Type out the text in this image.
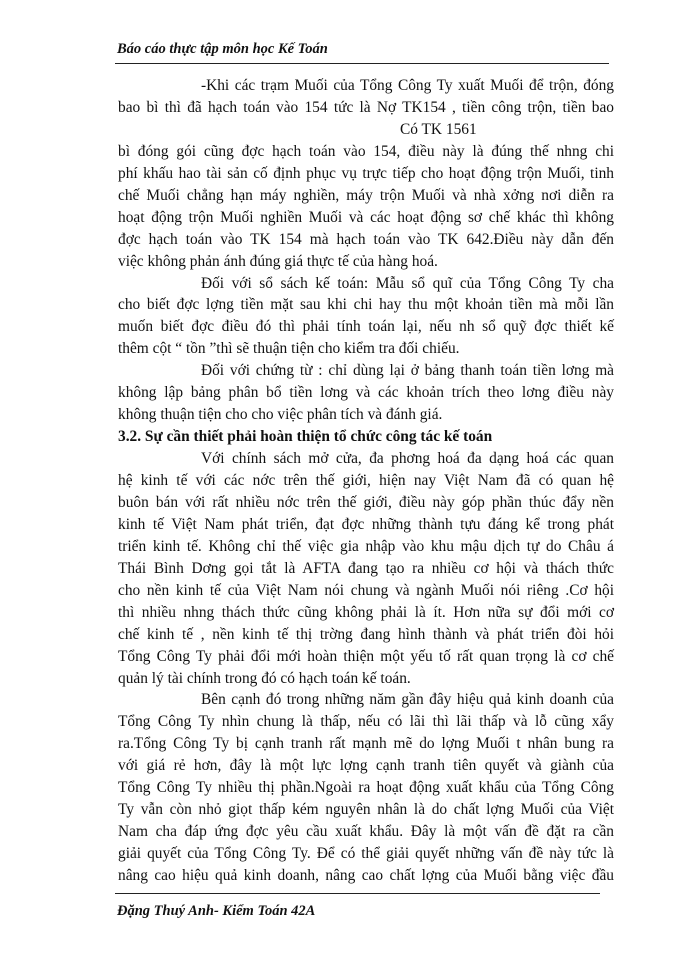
Báo cáo thực tập môn học Kế Toán
-Khi các trạm Muối của Tổng Công Ty xuất Muối để trộn, đóng
bao bì thì đã hạch toán vào 154 tức là Nợ TK154 , tiền công trộn, tiền bao
Có TK 1561
bì đóng gói cũng đợc hạch toán vào 154, điều này là đúng thế nhng chi
phí khấu hao tài sản cố định phục vụ trực tiếp cho hoạt động trộn Muối, tinh
chế Muối chẳng hạn máy nghiền, máy trộn Muối và nhà xởng nơi diễn ra
hoạt động trộn Muối nghiền Muối và các hoạt động sơ chế khác thì không
đợc hạch toán vào TK 154 mà hạch toán vào TK 642.Điều này dẫn đến
việc không phản ánh đúng giá thực tế của hàng hoá.
Đối với sổ sách kế toán: Mẫu sổ quĩ của Tổng Công Ty cha
cho biết đợc lợng tiền mặt sau khi chi hay thu một khoản tiền mà mỗi lần
muốn biết đợc điều đó thì phải tính toán lại, nếu nh sổ quỹ đợc thiết kế
thêm cột “ tồn ”thì sẽ thuận tiện cho kiểm tra đối chiếu.
Đối với chứng từ : chỉ dùng lại ở bảng thanh toán tiền lơng mà
không lập bảng phân bổ tiền lơng và các khoản trích theo lơng điều này
không thuận tiện cho cho việc phân tích và đánh giá.
3.2. Sự cần thiết phải hoàn thiện tổ chức công tác kế toán
Với chính sách mở cửa, đa phơng hoá đa dạng hoá các quan
hệ kinh tế với các nớc trên thế giới, hiện nay Việt Nam đã có quan hệ
buôn bán với rất nhiều nớc trên thế giới, điều này góp phần thúc đẩy nền
kinh tế Việt Nam phát triển, đạt đợc những thành tựu đáng kể trong phát
triển kinh tế. Không chỉ thế việc gia nhập vào khu mậu dịch tự do Châu á
Thái Bình Dơng gọi tắt là AFTA đang tạo ra nhiều cơ hội và thách thức
cho nền kinh tế của Việt Nam nói chung và ngành Muối nói riêng .Cơ hội
thì nhiều nhng thách thức cũng không phải là ít. Hơn nữa sự đổi mới cơ
chế kinh tế , nền kinh tế thị trờng đang hình thành và phát triển đòi hỏi
Tổng Công Ty phải đổi mới hoàn thiện một yếu tố rất quan trọng là cơ chế
quản lý tài chính trong đó có hạch toán kế toán.
Bên cạnh đó trong những năm gần đây hiệu quả kinh doanh của
Tổng Công Ty nhìn chung là thấp, nếu có lãi thì lãi thấp và lỗ cũng xẩy
ra.Tổng Công Ty bị cạnh tranh rất mạnh mẽ do lợng Muối t nhân bung ra
với giá rẻ hơn, đây là một lực lợng cạnh tranh tiên quyết và giành của
Tổng Công Ty nhiều thị phần.Ngoài ra hoạt động xuất khẩu của Tổng Công
Ty vẫn còn nhỏ giọt thấp kém nguyên nhân là do chất lợng Muối của Việt
Nam cha đáp ứng đợc yêu cầu xuất khẩu. Đây là một vấn đề đặt ra cần
giải quyết của Tổng Công Ty. Để có thể giải quyết những vấn đề này tức là
nâng cao hiệu quả kinh doanh, nâng cao chất lợng của Muối bằng việc đầu
Đặng Thuý Anh- Kiểm Toán 42A
